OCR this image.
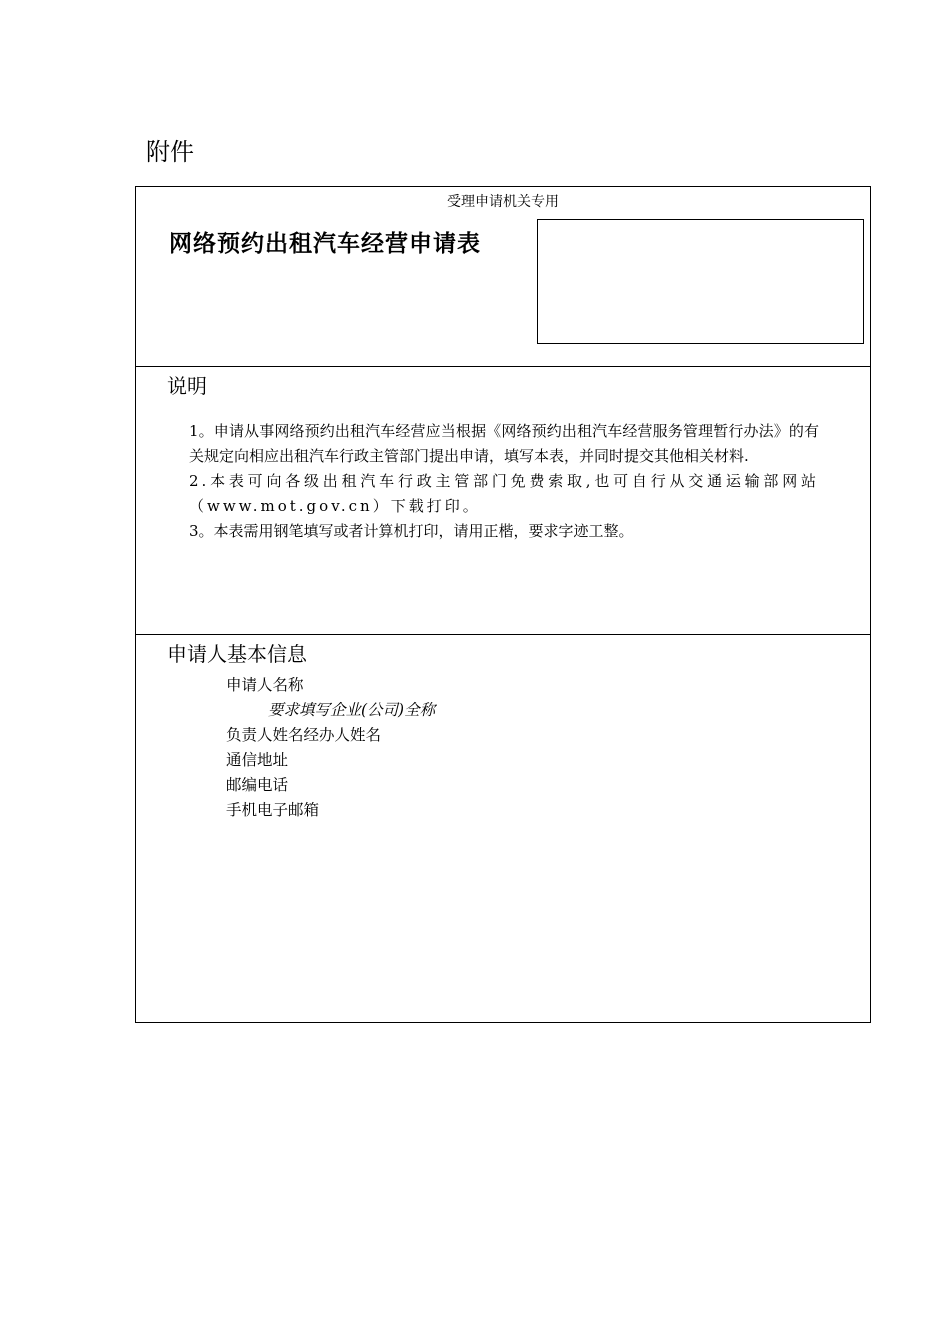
附件
受理申请机关专用
网络预约出租汽车经营申请表
说明

1。申请从事网络预约出租汽车经营应当根据《网络预约出租汽车经营服务管理暂行办法》的有关规定向相应出租汽车行政主管部门提出申请，填写本表，并同时提交其他相关材料.

2.本表可向各级出租汽车行政主管部门免费索取,也可自行从交通运输部网站（www.mot.gov.cn）下载打印。

3。本表需用钢笔填写或者计算机打印，请用正楷，要求字迹工整。

申请人基本信息
申请人名称
要求填写企业(公司)全称
负责人姓名经办人姓名
通信地址
邮编电话
手机电子邮箱
